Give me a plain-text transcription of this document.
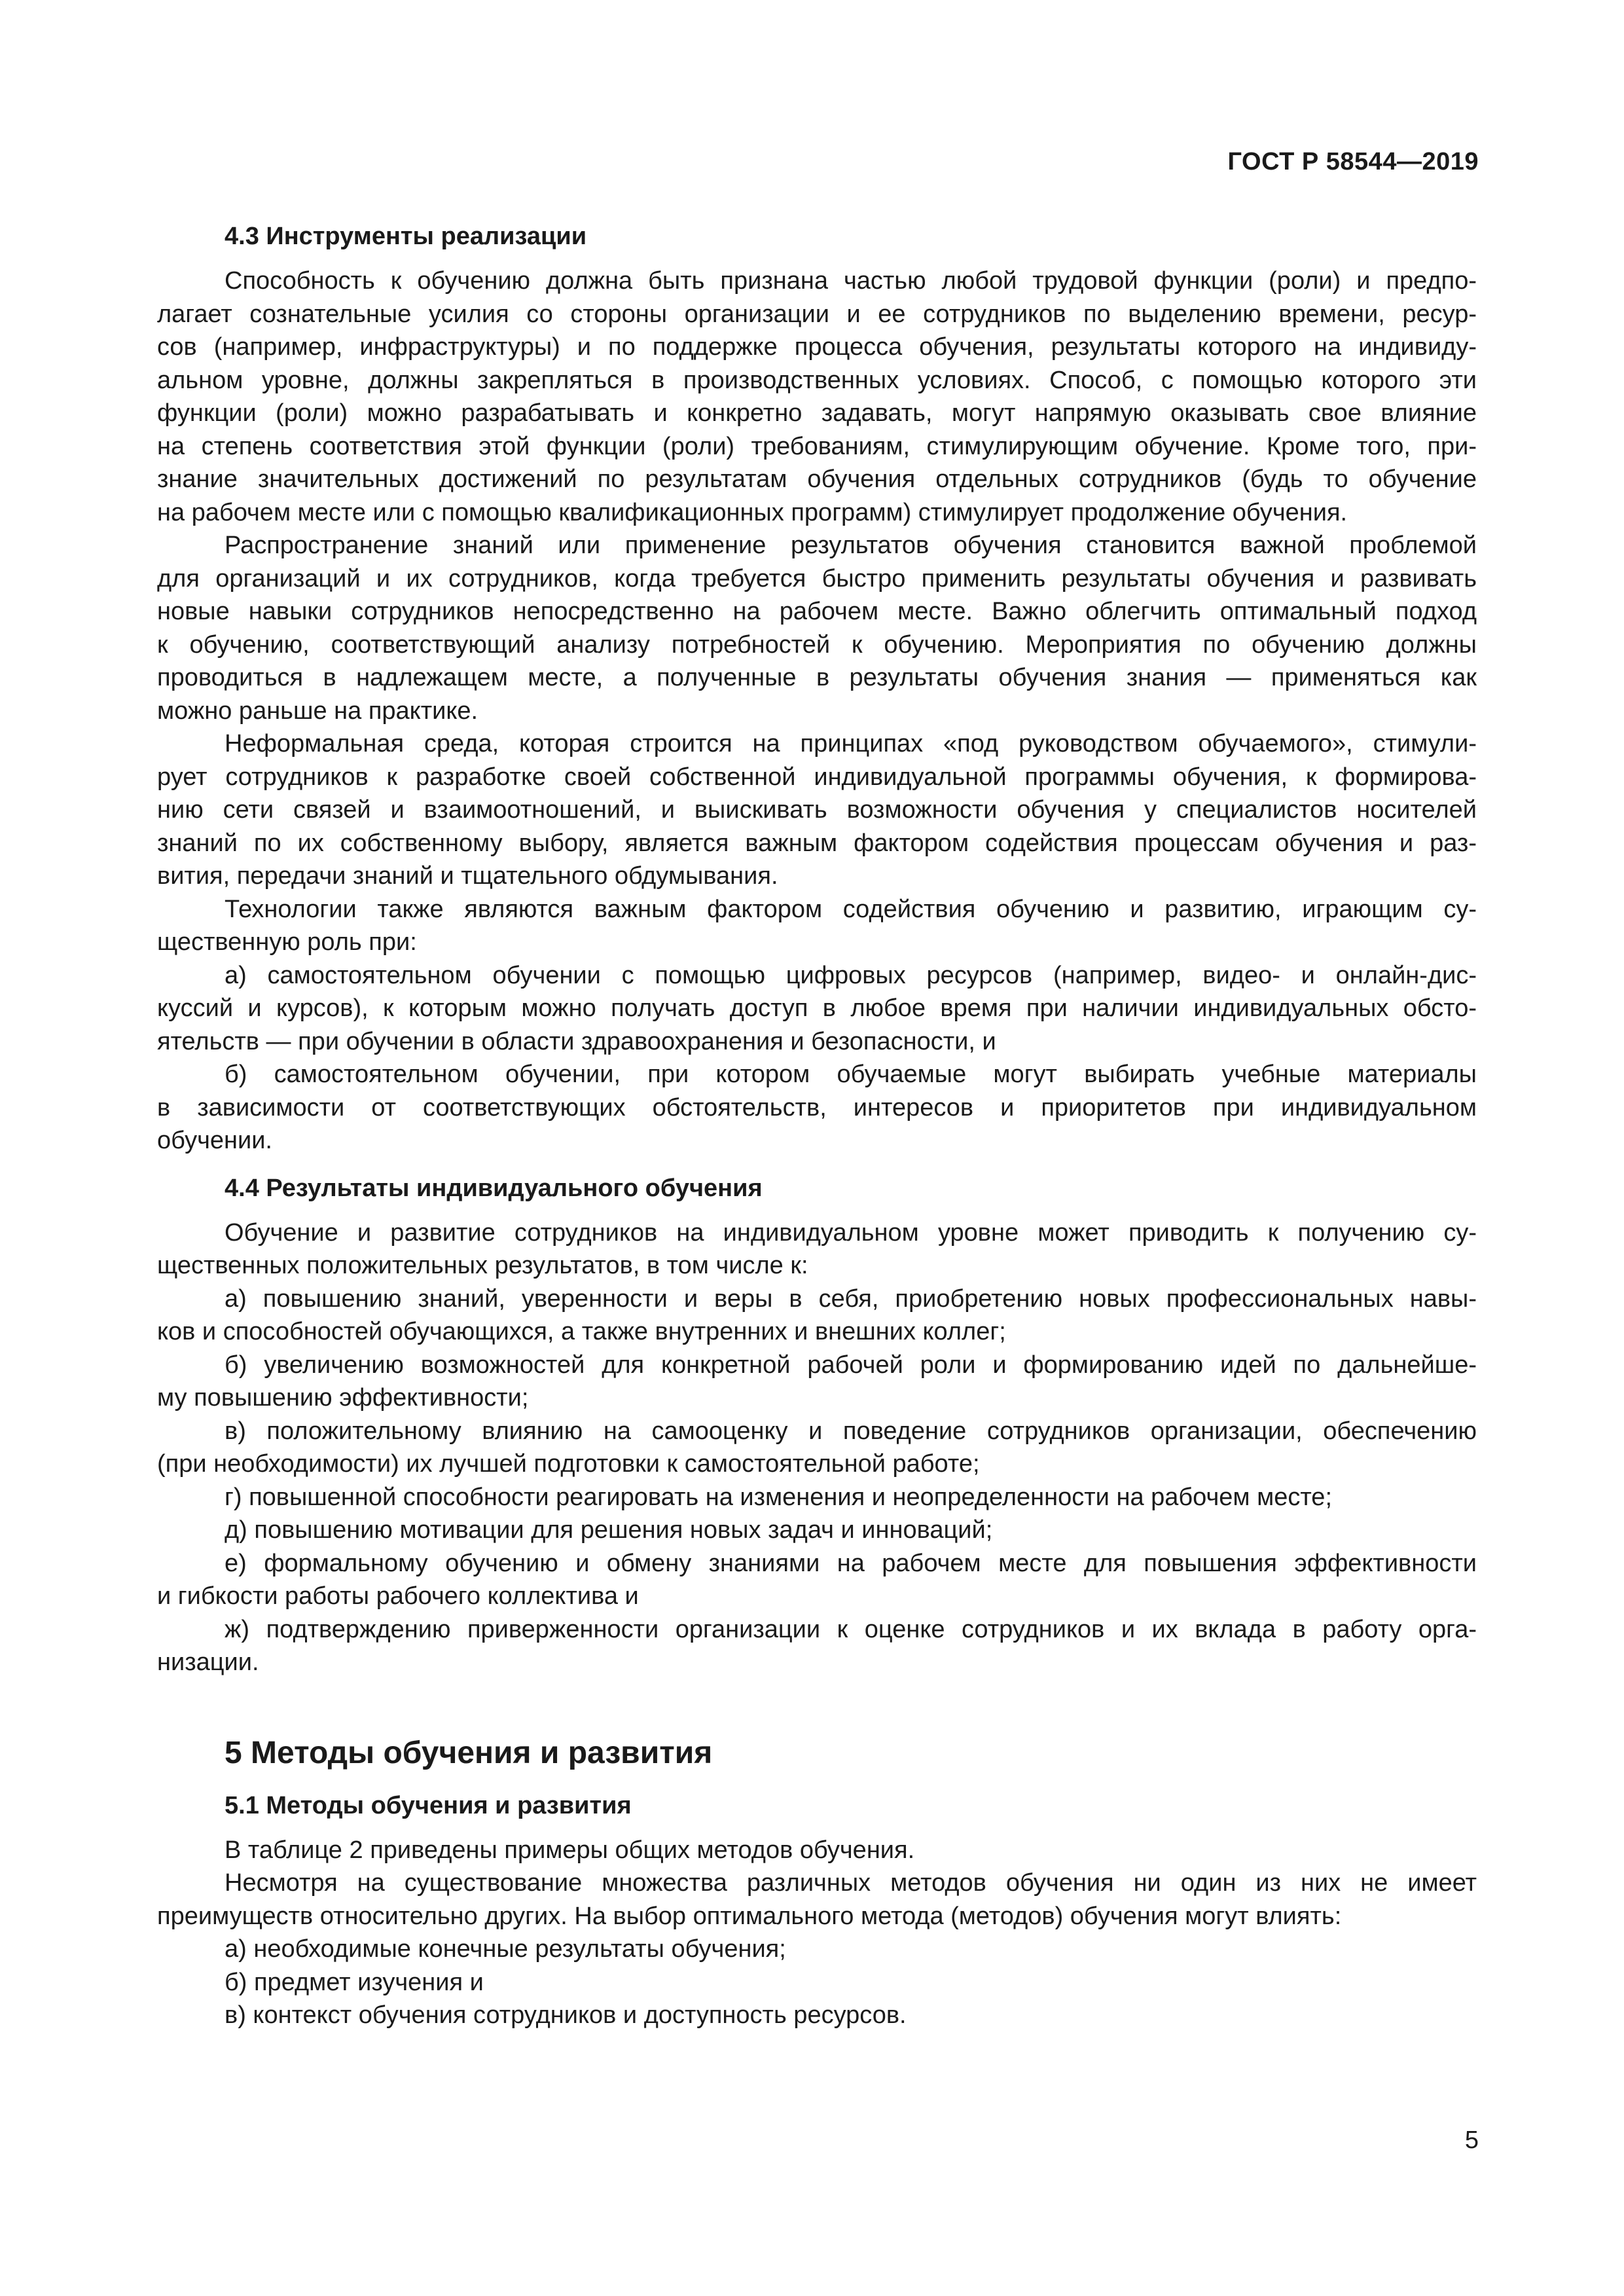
ГОСТ Р 58544—2019
4.3 Инструменты реализации

Способность к обучению должна быть признана частью любой трудовой функции (роли) и предпо-

лагает сознательные усилия со стороны организации и ее сотрудников по выделению времени, ресур-

сов (например, инфраструктуры) и по поддержке процесса обучения, результаты которого на индивиду-

альном уровне, должны закрепляться в производственных условиях. Способ, с помощью которого эти

функции (роли) можно разрабатывать и конкретно задавать, могут напрямую оказывать свое влияние

на степень соответствия этой функции (роли) требованиям, стимулирующим обучение. Кроме того, при-

знание значительных достижений по результатам обучения отдельных сотрудников (будь то обучение

на рабочем месте или с помощью квалификационных программ) стимулирует продолжение обучения.

Распространение знаний или применение результатов обучения становится важной проблемой

для организаций и их сотрудников, когда требуется быстро применить результаты обучения и развивать

новые навыки сотрудников непосредственно на рабочем месте. Важно облегчить оптимальный подход

к обучению, соответствующий анализу потребностей к обучению. Мероприятия по обучению должны

проводиться в надлежащем месте, а полученные в результаты обучения знания — применяться как

можно раньше на практике.

Неформальная среда, которая строится на принципах «под руководством обучаемого», стимули-

рует сотрудников к разработке своей собственной индивидуальной программы обучения, к формирова-

нию сети связей и взаимоотношений, и выискивать возможности обучения у специалистов носителей

знаний по их собственному выбору, является важным фактором содействия процессам обучения и раз-

вития, передачи знаний и тщательного обдумывания.

Технологии также являются важным фактором содействия обучению и развитию, играющим су-

щественную роль при:

а) самостоятельном обучении с помощью цифровых ресурсов (например, видео- и онлайн-дис-

куссий и курсов), к которым можно получать доступ в любое время при наличии индивидуальных обсто-

ятельств — при обучении в области здравоохранения и безопасности, и

б) самостоятельном обучении, при котором обучаемые могут выбирать учебные материалы

в зависимости от соответствующих обстоятельств, интересов и приоритетов при индивидуальном

обучении.

4.4 Результаты индивидуального обучения

Обучение и развитие сотрудников на индивидуальном уровне может приводить к получению су-

щественных положительных результатов, в том числе к:

а) повышению знаний, уверенности и веры в себя, приобретению новых профессиональных навы-

ков и способностей обучающихся, а также внутренних и внешних коллег;

б) увеличению возможностей для конкретной рабочей роли и формированию идей по дальнейше-

му повышению эффективности;

в) положительному влиянию на самооценку и поведение сотрудников организации, обеспечению

(при необходимости) их лучшей подготовки к самостоятельной работе;

г) повышенной способности реагировать на изменения и неопределенности на рабочем месте;

д) повышению мотивации для решения новых задач и инноваций;

е) формальному обучению и обмену знаниями на рабочем месте для повышения эффективности

и гибкости работы рабочего коллектива и

ж) подтверждению приверженности организации к оценке сотрудников и их вклада в работу орга-

низации.

5 Методы обучения и развития
5.1 Методы обучения и развития

В таблице 2 приведены примеры общих методов обучения.

Несмотря на существование множества различных методов обучения ни один из них не имеет

преимуществ относительно других. На выбор оптимального метода (методов) обучения могут влиять:

а) необходимые конечные результаты обучения;

б) предмет изучения и

в) контекст обучения сотрудников и доступность ресурсов.

5
